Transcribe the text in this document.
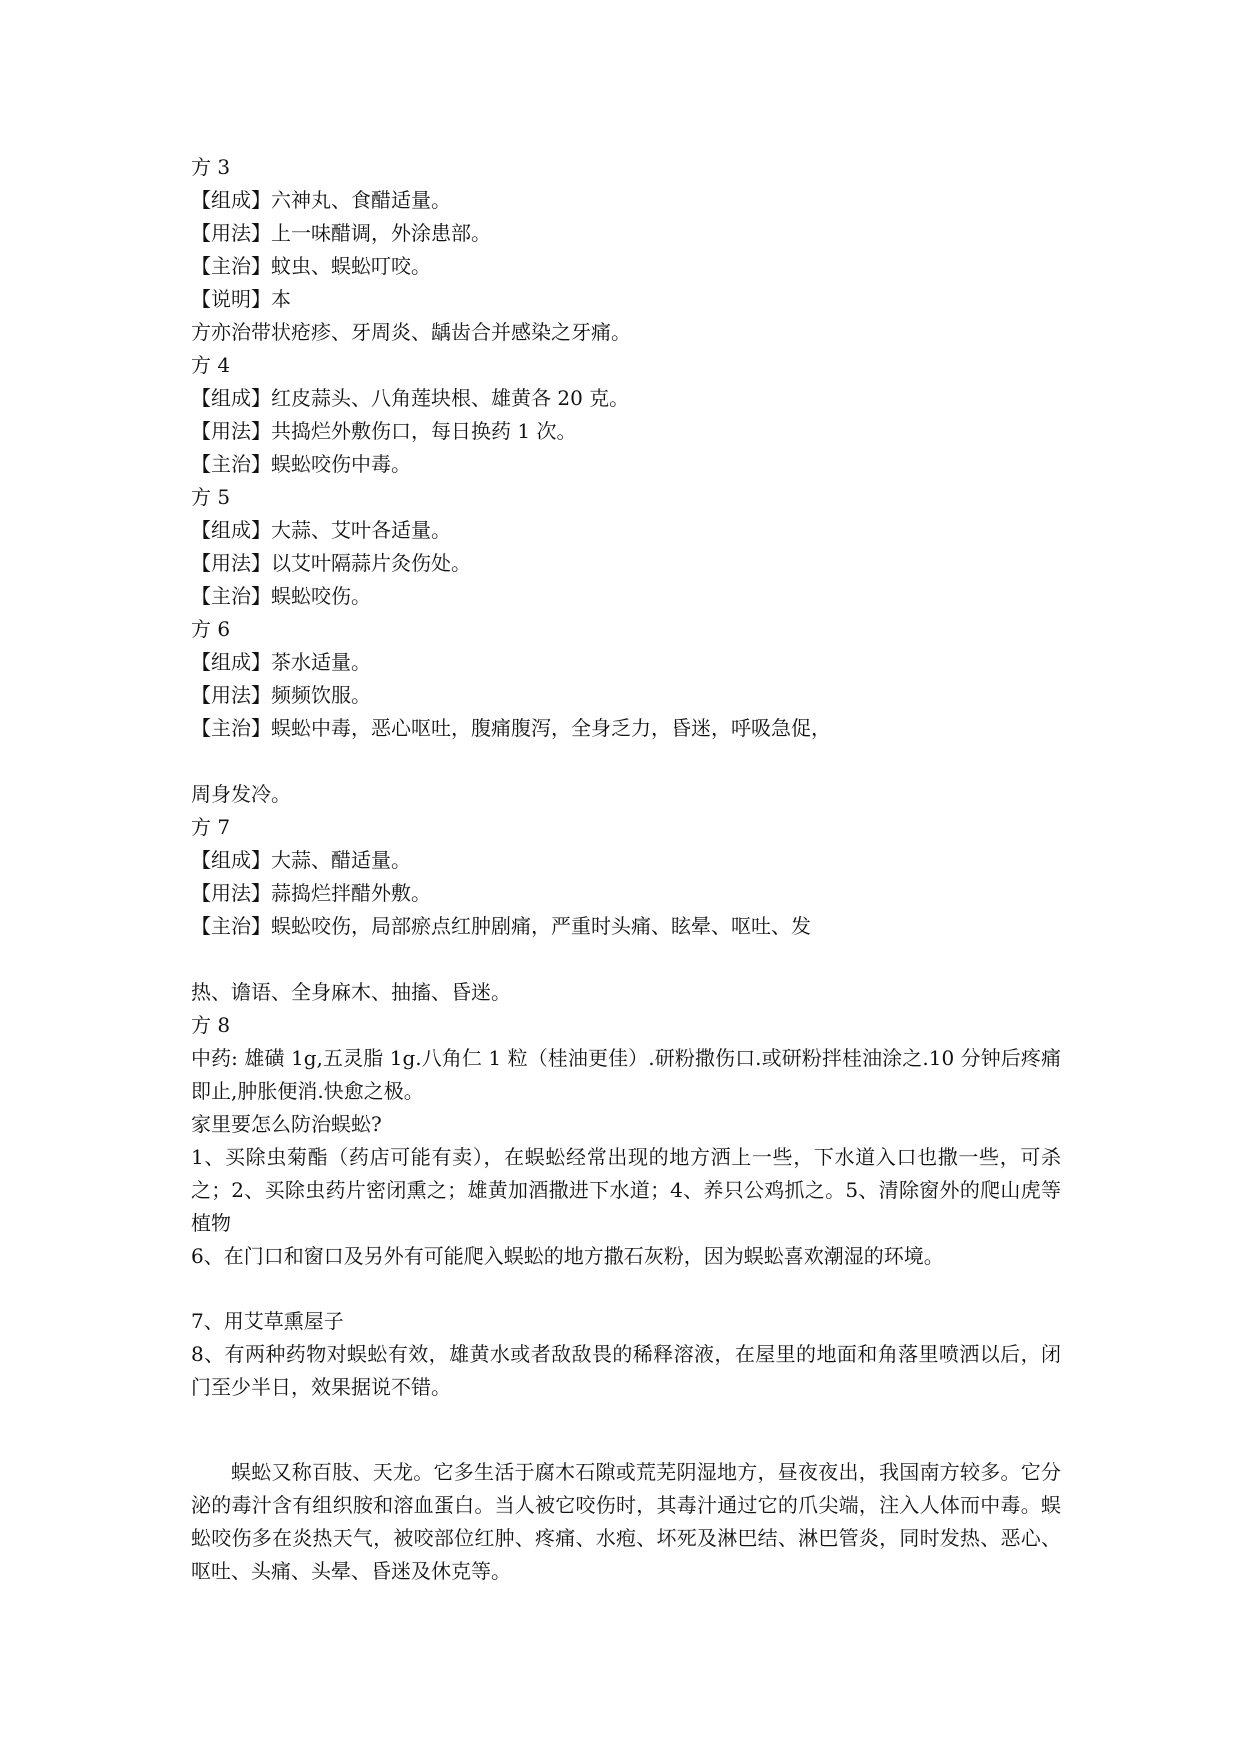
方 3
【组成】六神丸、食醋适量。
【用法】上一味醋调，外涂患部。
【主治】蚊虫、蜈蚣叮咬。
【说明】本
方亦治带状疮疹、牙周炎、龋齿合并感染之牙痛。
方 4
【组成】红皮蒜头、八角莲块根、雄黄各 20 克。
【用法】共捣烂外敷伤口，每日换药 1 次。
【主治】蜈蚣咬伤中毒。
方 5
【组成】大蒜、艾叶各适量。
【用法】以艾叶隔蒜片灸伤处。
【主治】蜈蚣咬伤。
方 6
【组成】茶水适量。
【用法】频频饮服。
【主治】蜈蚣中毒，恶心呕吐，腹痛腹泻，全身乏力，昏迷，呼吸急促，
周身发冷。
方 7
【组成】大蒜、醋适量。
【用法】蒜捣烂拌醋外敷。
【主治】蜈蚣咬伤，局部瘀点红肿剧痛，严重时头痛、眩晕、呕吐、发
热、谵语、全身麻木、抽搐、昏迷。
方 8
中药: 雄磺 1g,五灵脂 1g.八角仁 1 粒（桂油更佳）.研粉撒伤口.或研粉拌桂油涂之.10 分钟后疼痛即止,肿胀便消.快愈之极。
家里要怎么防治蜈蚣?
1、买除虫菊酯（药店可能有卖），在蜈蚣经常出现的地方洒上一些，下水道入口也撒一些，可杀之；2、买除虫药片密闭熏之；雄黄加酒撒进下水道；4、养只公鸡抓之。5、清除窗外的爬山虎等植物
6、在门口和窗口及另外有可能爬入蜈蚣的地方撒石灰粉，因为蜈蚣喜欢潮湿的环境。
7、用艾草熏屋子
8、有两种药物对蜈蚣有效，雄黄水或者敌敌畏的稀释溶液，在屋里的地面和角落里喷洒以后，闭门至少半日，效果据说不错。
蜈蚣又称百肢、天龙。它多生活于腐木石隙或荒芜阴湿地方，昼夜夜出，我国南方较多。它分泌的毒汁含有组织胺和溶血蛋白。当人被它咬伤时，其毒汁通过它的爪尖端，注入人体而中毒。蜈蚣咬伤多在炎热天气，被咬部位红肿、疼痛、水疱、坏死及淋巴结、淋巴管炎，同时发热、恶心、呕吐、头痛、头晕、昏迷及休克等。
